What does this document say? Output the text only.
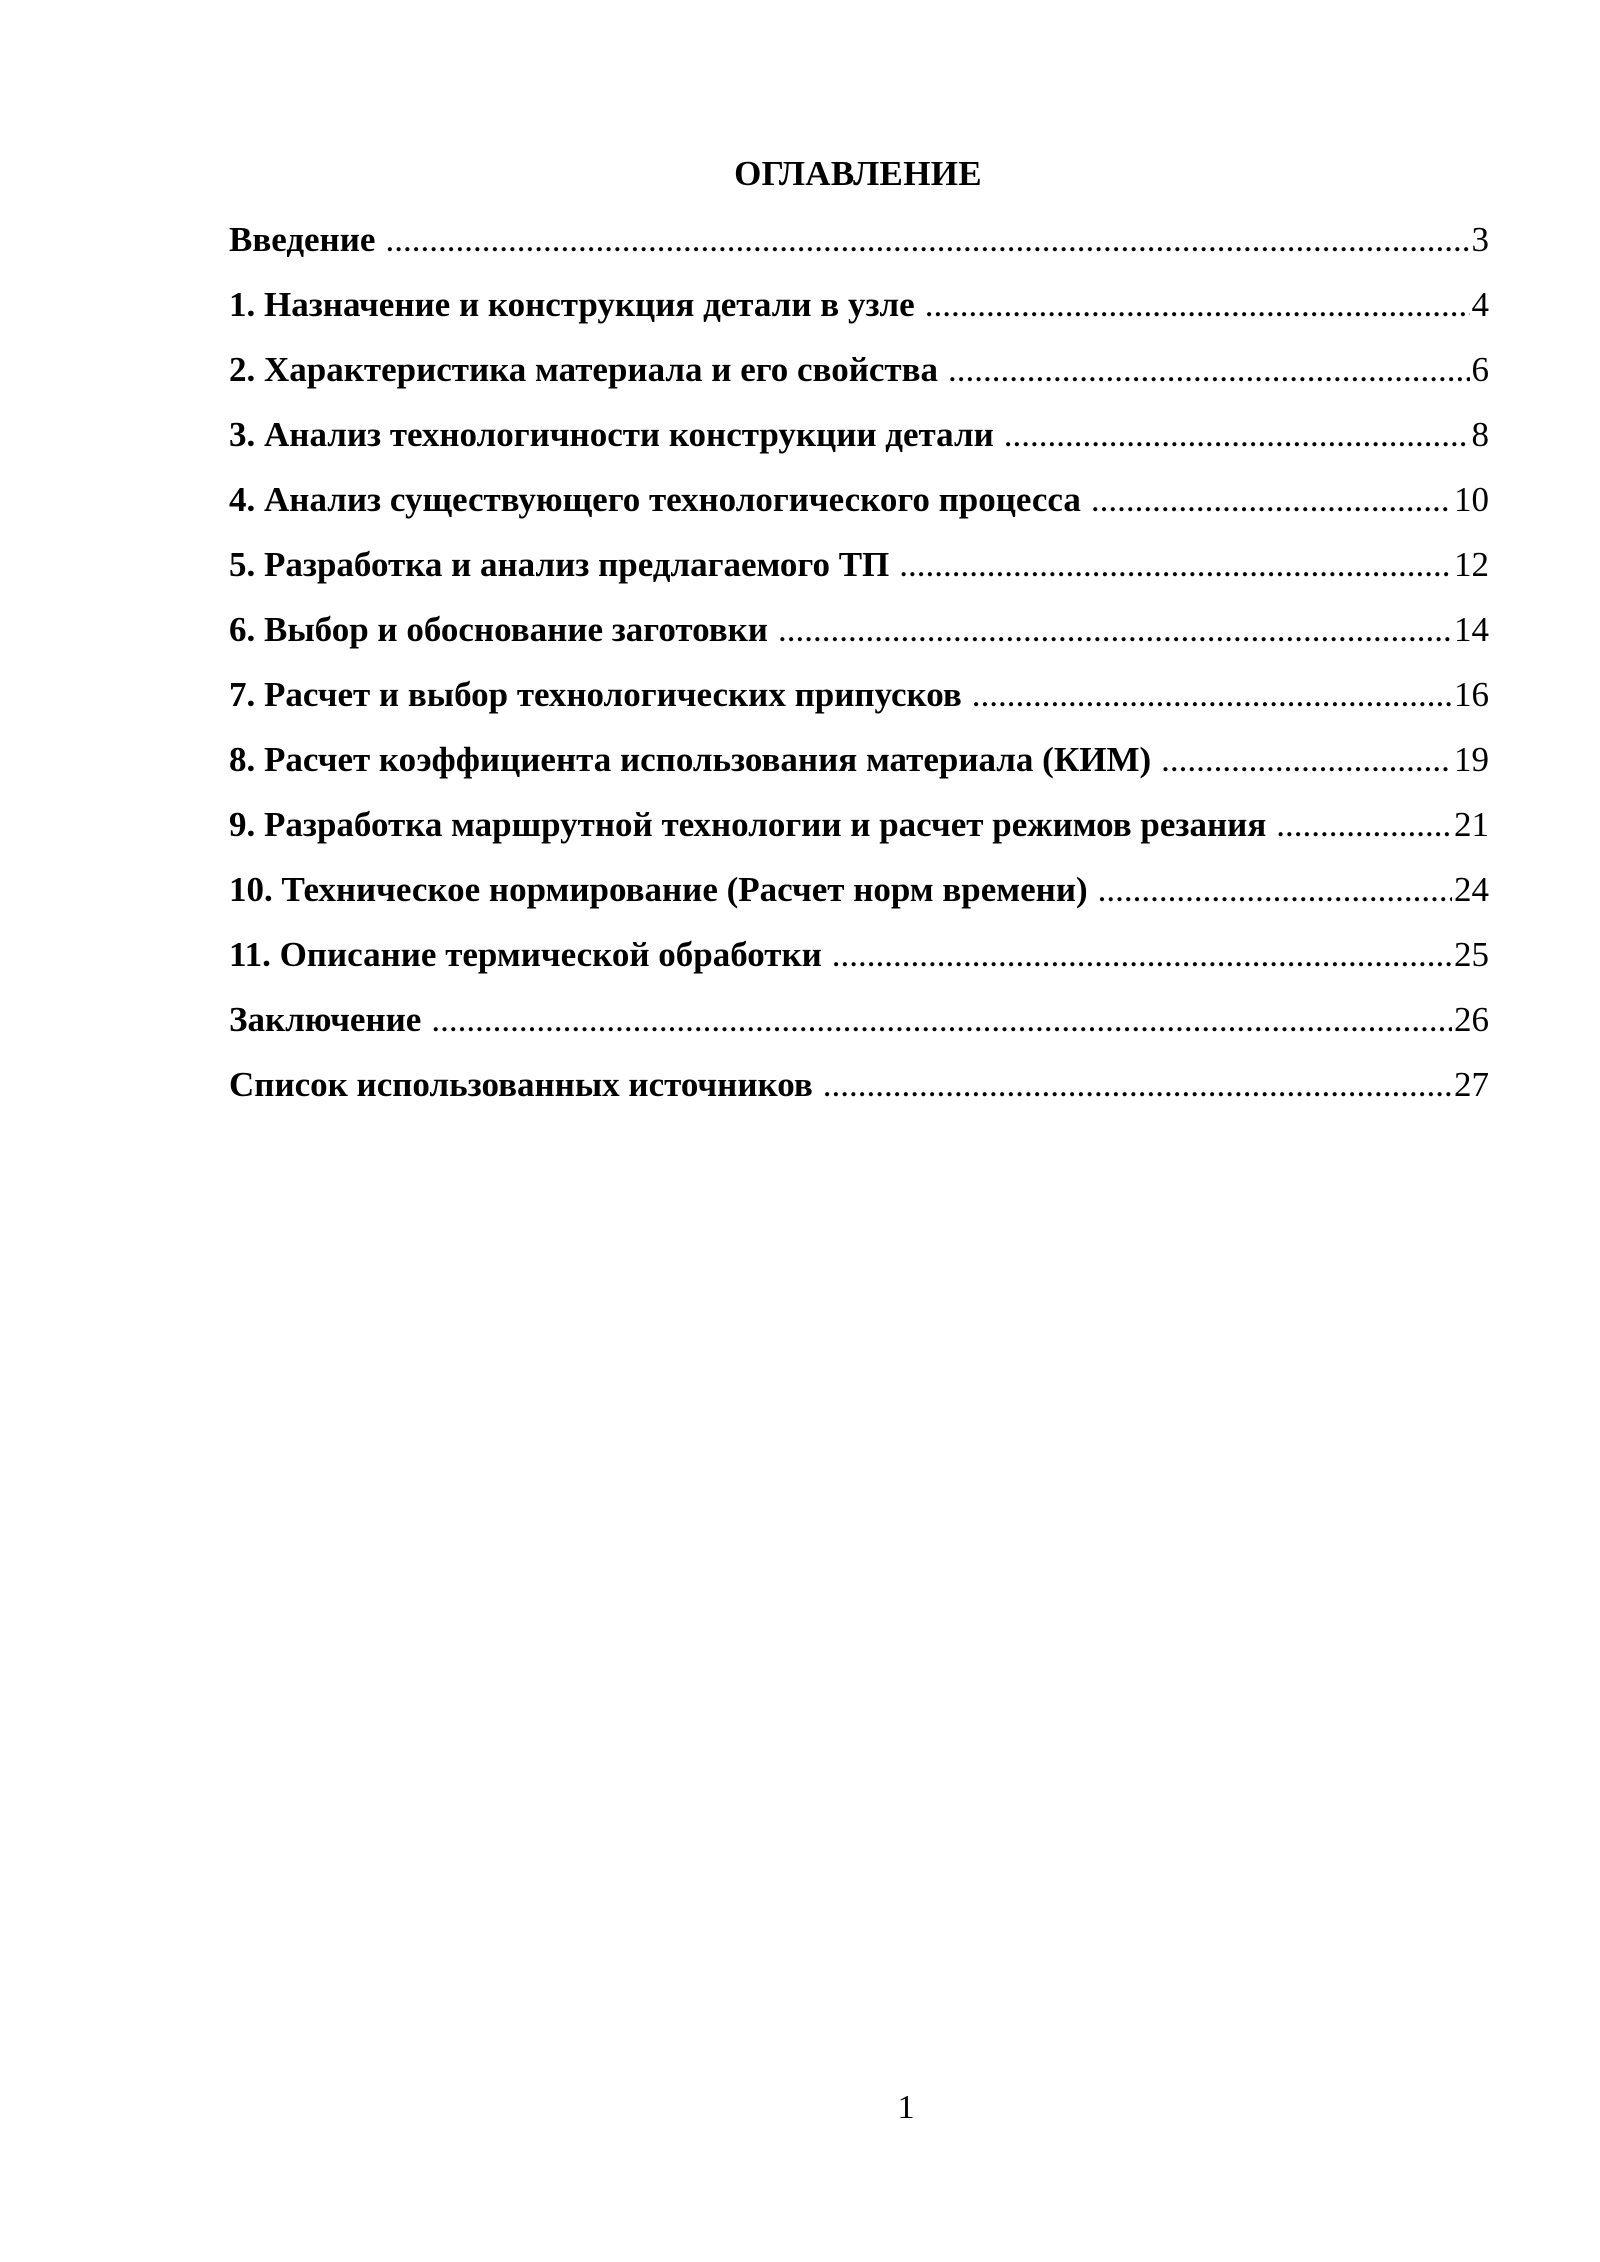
ОГЛАВЛЕНИЕ
Введение .....	3
1. Назначение и конструкция детали в узле .....	4
2. Характеристика материала и его свойства .....	6
3. Анализ технологичности конструкции детали .....	8
4. Анализ существующего технологического процесса .....	10
5. Разработка и анализ предлагаемого ТП .....	12
6. Выбор и обоснование заготовки .....	14
7. Расчет и выбор технологических припусков .....	16
8. Расчет коэффициента использования материала (КИМ) .....	19
9. Разработка маршрутной технологии и расчет режимов резания .....	21
10. Техническое нормирование (Расчет норм времени) .....	24
11. Описание термической обработки .....	25
Заключение .....	26
Список использованных источников .....	27
1
